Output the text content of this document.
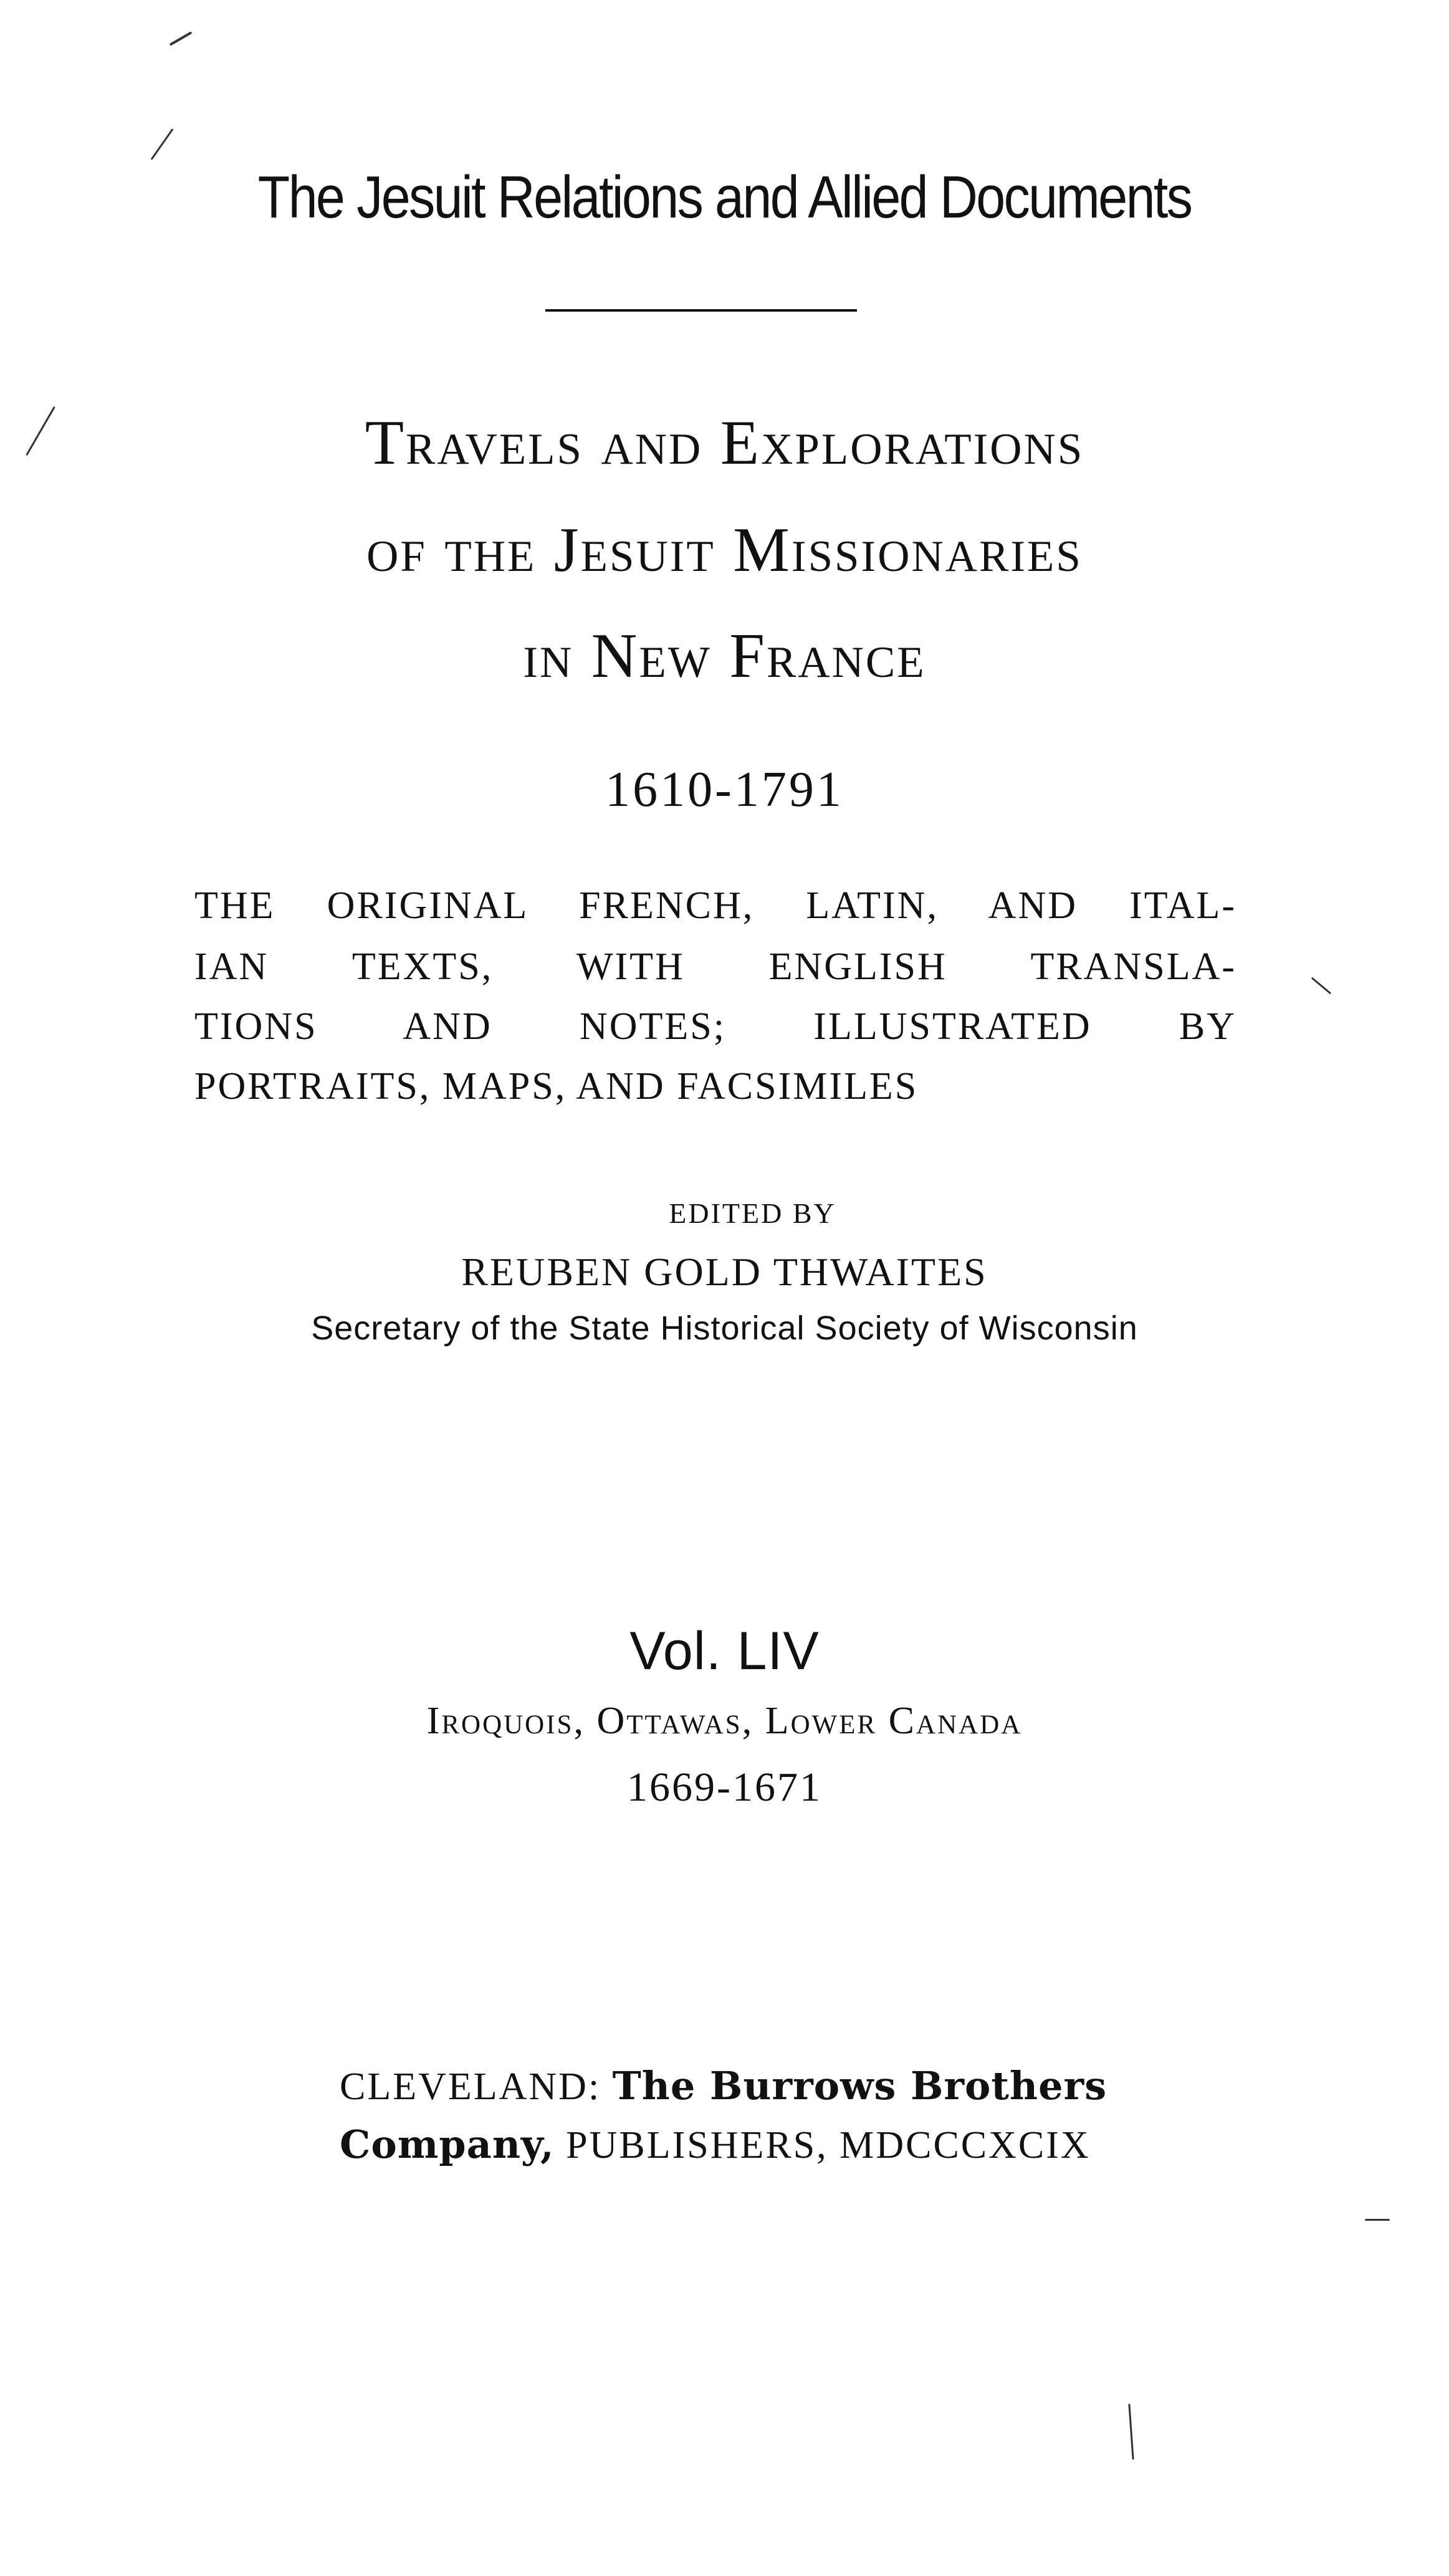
The Jesuit Relations and Allied Documents
Travels and Explorations
of the Jesuit Missionaries
in New France
1610-1791
THE ORIGINAL FRENCH, LATIN, AND ITAL-
IAN TEXTS, WITH ENGLISH TRANSLA-
TIONS AND NOTES; ILLUSTRATED BY
PORTRAITS, MAPS, AND FACSIMILES
EDITED BY
REUBEN GOLD THWAITES
Secretary of the State Historical Society of Wisconsin
Vol. LIV
Iroquois, Ottawas, Lower Canada
1669-1671
CLEVELAND: The Burrows Brothers
Company, PUBLISHERS, MDCCCXCIX
